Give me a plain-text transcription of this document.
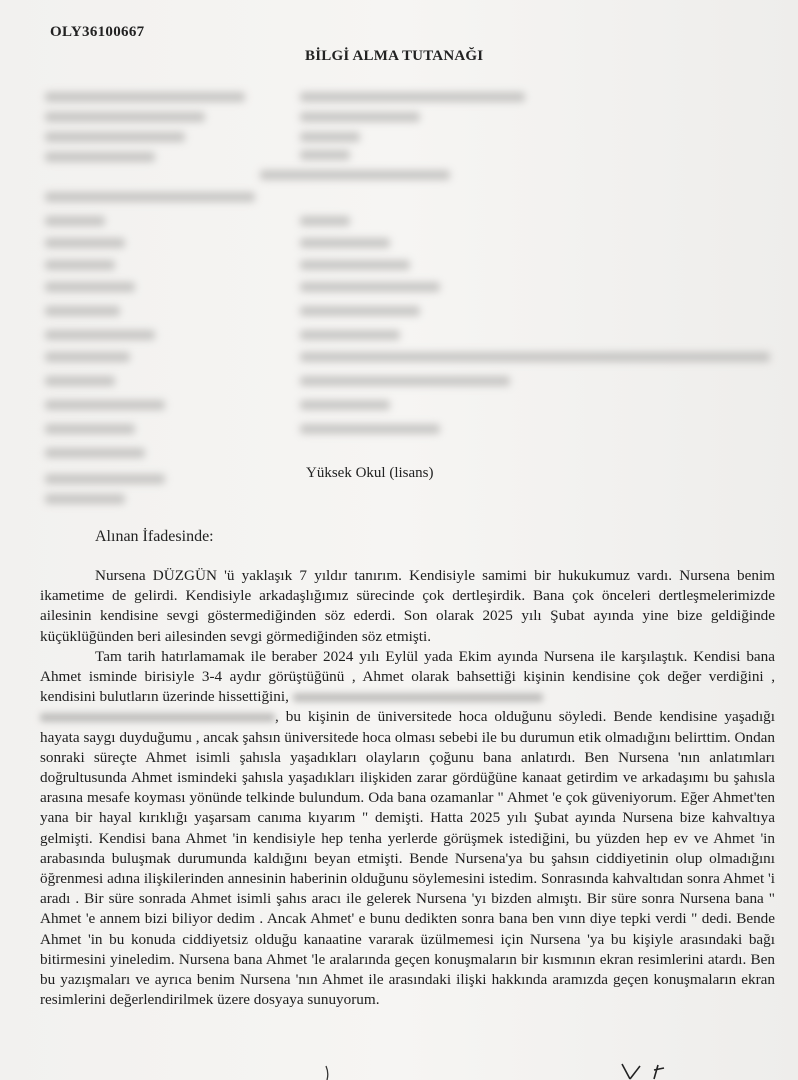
OLY36100667
BİLGİ ALMA TUTANAĞI
Yüksek Okul (lisans)
Alınan İfadesinde:

Nursena DÜZGÜN 'ü yaklaşık 7 yıldır tanırım. Kendisiyle samimi bir hukukumuz vardı. Nursena benim ikametime de gelirdi. Kendisiyle arkadaşlığımız sürecinde çok dertleşirdik. Bana çok önceleri dertleşmelerimizde ailesinin kendisine sevgi göstermediğinden söz ederdi. Son olarak 2025 yılı Şubat ayında yine bize geldiğinde küçüklüğünden beri ailesinden sevgi görmediğinden söz etmişti.

Tam tarih hatırlamamak ile beraber 2024 yılı Eylül yada Ekim ayında Nursena ile karşılaştık. Kendisi bana Ahmet isminde birisiyle 3-4 aydır görüştüğünü , Ahmet olarak bahsettiği kişinin kendisine çok değer verdiğini , kendisini bulutların üzerinde hissettiğini,
, bu kişinin de üniversitede hoca olduğunu söyledi. Bende kendisine yaşadığı hayata saygı duyduğumu , ancak şahsın üniversitede hoca olması sebebi ile bu durumun etik olmadığını belirttim. Ondan sonraki süreçte Ahmet isimli şahısla yaşadıkları olayların çoğunu bana anlatırdı. Ben Nursena 'nın anlatımları doğrultusunda Ahmet ismindeki şahısla yaşadıkları ilişkiden zarar gördüğüne kanaat getirdim ve arkadaşımı bu şahısla arasına mesafe koyması yönünde telkinde bulundum. Oda bana ozamanlar " Ahmet 'e çok güveniyorum. Eğer Ahmet'ten yana bir hayal kırıklığı yaşarsam canıma kıyarım " demişti. Hatta 2025 yılı Şubat ayında Nursena bize kahvaltıya gelmişti. Kendisi bana Ahmet 'in kendisiyle hep tenha yerlerde görüşmek istediğini, bu yüzden hep ev ve Ahmet 'in arabasında buluşmak durumunda kaldığını beyan etmişti. Bende Nursena'ya bu şahsın ciddiyetinin olup olmadığını öğrenmesi adına ilişkilerinden annesinin haberinin olduğunu söylemesini istedim. Sonrasında kahvaltıdan sonra Ahmet 'i aradı . Bir süre sonrada Ahmet isimli şahıs aracı ile gelerek Nursena 'yı bizden almıştı. Bir süre sonra Nursena bana " Ahmet 'e annem bizi biliyor dedim . Ancak Ahmet' e bunu dedikten sonra bana ben vınn diye tepki verdi " dedi. Bende Ahmet 'in bu konuda ciddiyetsiz olduğu kanaatine vararak üzülmemesi için Nursena 'ya bu kişiyle arasındaki bağı bitirmesini yineledim. Nursena bana Ahmet 'le aralarında geçen konuşmaların bir kısmının ekran resimlerini atardı. Ben bu yazışmaları ve ayrıca benim Nursena 'nın Ahmet ile arasındaki ilişki hakkında aramızda geçen konuşmaların ekran resimlerini değerlendirilmek üzere dosyaya sunuyorum.
